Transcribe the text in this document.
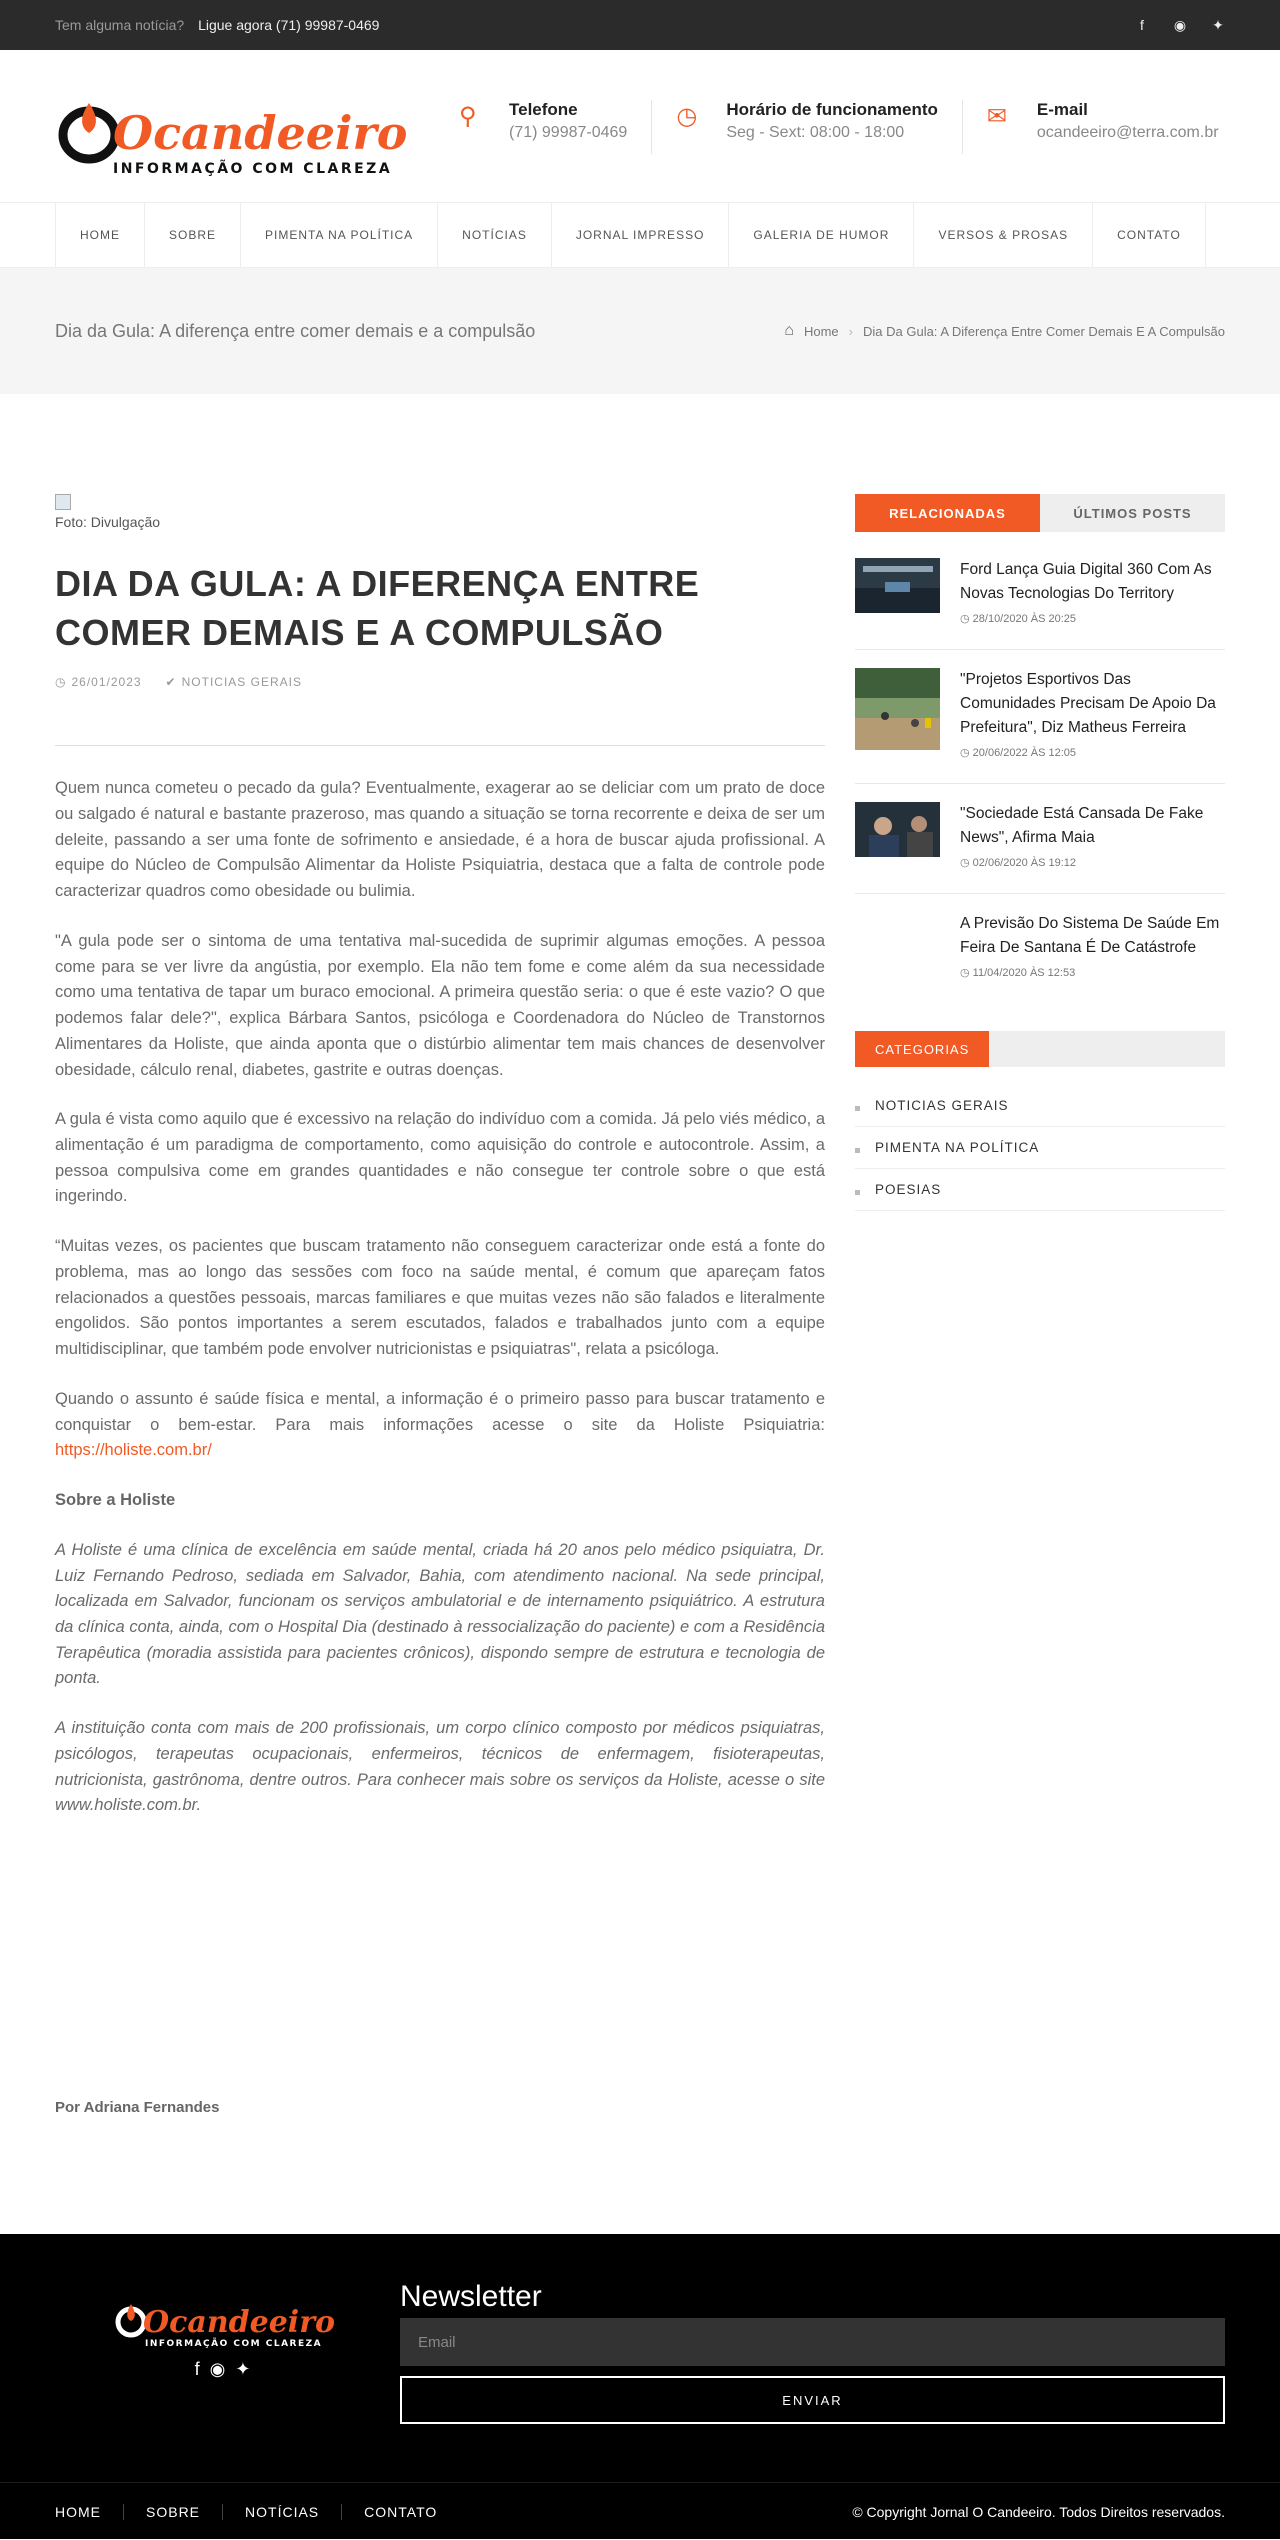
Tem alguma notícia? Ligue agora (71) 99987-0469	f	◉ ✦
Ocandeeiro
INFORMAÇÃO COM CLAREZA
⚲	Telefone
(71) 99987-0469
◷	Horário de funcionamento
Seg - Sext: 08:00 - 18:00
✉	E-mail
ocandeeiro@terra.com.br
HOME	SOBRE	PIMENTA NA POLÍTICA	NOTÍCIAS	JORNAL IMPRESSO	GALERIA DE HUMOR	VERSOS & PROSAS	CONTATO
Dia da Gula: A diferença entre comer demais e a compulsão	⌂ Home › Dia Da Gula: A Diferença Entre Comer Demais E A Compulsão
Foto: Divulgação
DIA DA GULA: A DIFERENÇA ENTRE COMER DEMAIS E A COMPULSÃO
◷ 26/01/2023 ✔ NOTICIAS GERAIS

Quem nunca cometeu o pecado da gula? Eventualmente, exagerar ao se deliciar com um prato de doce ou salgado é natural e bastante prazeroso, mas quando a situação se torna recorrente e deixa de ser um deleite, passando a ser uma fonte de sofrimento e ansiedade, é a hora de buscar ajuda profissional. A equipe do Núcleo de Compulsão Alimentar da Holiste Psiquiatria, destaca que a falta de controle pode caracterizar quadros como obesidade ou bulimia.

"A gula pode ser o sintoma de uma tentativa mal-sucedida de suprimir algumas emoções. A pessoa come para se ver livre da angústia, por exemplo. Ela não tem fome e come além da sua necessidade como uma tentativa de tapar um buraco emocional. A primeira questão seria: o que é este vazio? O que podemos falar dele?", explica Bárbara Santos, psicóloga e Coordenadora do Núcleo de Transtornos Alimentares da Holiste, que ainda aponta que o distúrbio alimentar tem mais chances de desenvolver obesidade, cálculo renal, diabetes, gastrite e outras doenças.

A gula é vista como aquilo que é excessivo na relação do indivíduo com a comida. Já pelo viés médico, a alimentação é um paradigma de comportamento, como aquisição do controle e autocontrole. Assim, a pessoa compulsiva come em grandes quantidades e não consegue ter controle sobre o que está ingerindo.

“Muitas vezes, os pacientes que buscam tratamento não conseguem caracterizar onde está a fonte do problema, mas ao longo das sessões com foco na saúde mental, é comum que apareçam fatos relacionados a questões pessoais, marcas familiares e que muitas vezes não são falados e literalmente engolidos. São pontos importantes a serem escutados, falados e trabalhados junto com a equipe multidisciplinar, que também pode envolver nutricionistas e psiquiatras", relata a psicóloga.

Quando o assunto é saúde física e mental, a informação é o primeiro passo para buscar tratamento e conquistar o bem-estar. Para mais informações acesse o site da Holiste Psiquiatria: https://holiste.com.br/

Sobre a Holiste

A Holiste é uma clínica de excelência em saúde mental, criada há 20 anos pelo médico psiquiatra, Dr. Luiz Fernando Pedroso, sediada em Salvador, Bahia, com atendimento nacional. Na sede principal, localizada em Salvador, funcionam os serviços ambulatorial e de internamento psiquiátrico. A estrutura da clínica conta, ainda, com o Hospital Dia (destinado à ressocialização do paciente) e com a Residência Terapêutica (moradia assistida para pacientes crônicos), dispondo sempre de estrutura e tecnologia de ponta.

A instituição conta com mais de 200 profissionais, um corpo clínico composto por médicos psiquiatras, psicólogos, terapeutas ocupacionais, enfermeiros, técnicos de enfermagem, fisioterapeutas, nutricionista, gastrônoma, dentre outros. Para conhecer mais sobre os serviços da Holiste, acesse o site www.holiste.com.br.

Por Adriana Fernandes
RELACIONADAS	ÚLTIMOS POSTS
Ford Lança Guia Digital 360 Com As Novas Tecnologias Do Territory
◷ 28/10/2020 ÀS 20:25
"Projetos Esportivos Das Comunidades Precisam De Apoio Da Prefeitura", Diz Matheus Ferreira
◷ 20/06/2022 ÀS 12:05
"Sociedade Está Cansada De Fake News", Afirma Maia
◷ 02/06/2020 ÀS 19:12
A Previsão Do Sistema De Saúde Em Feira De Santana É De Catástrofe
◷ 11/04/2020 ÀS 12:53
CATEGORIAS
NOTICIAS GERAIS
PIMENTA NA POLÍTICA
POESIAS
Ocandeeiro
INFORMAÇÃO COM CLAREZA
f◉✦
Newsletter
Email
ENVIAR
HOME	SOBRE	NOTÍCIAS	CONTATO	© Copyright Jornal O Candeeiro. Todos Direitos reservados.
